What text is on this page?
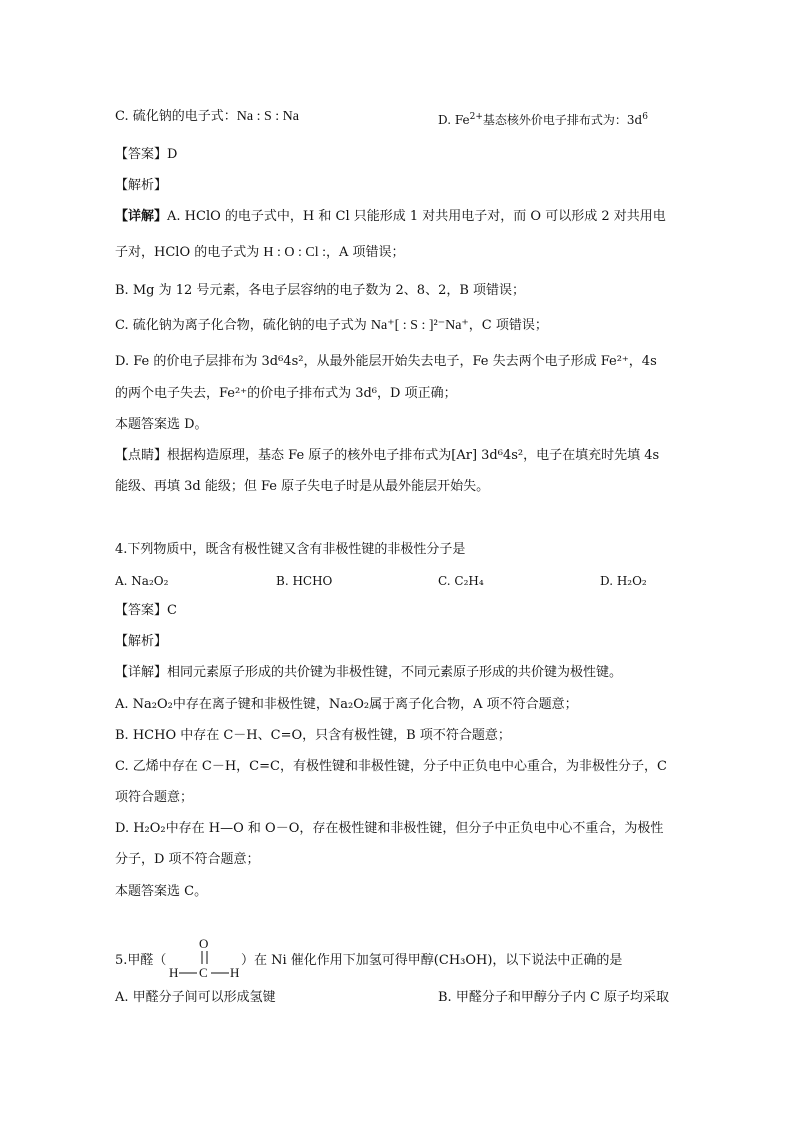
C. 硫化钠的电子式：Na : S : Na	D. $Fe^{2+}$基态核外价电子排布式为：$3d^6$
【答案】D
【解析】
【详解】A. HClO 的电子式中，H 和 Cl 只能形成 1 对共用电子对，而 O 可以形成 2 对共用电
子对，HClO 的电子式为 H : O : Cl :，A 项错误；
B. Mg 为 12 号元素，各电子层容纳的电子数为 2、8、2，B 项错误；
C. 硫化钠为离子化合物，硫化钠的电子式为 Na⁺[ : S : ]²⁻Na⁺，C 项错误；
D. Fe 的价电子层排布为 3d⁶4s²，从最外能层开始失去电子，Fe 失去两个电子形成 Fe²⁺，4s
的两个电子失去，Fe²⁺的价电子排布式为 3d⁶，D 项正确；
本题答案选 D。
【点睛】根据构造原理，基态 Fe 原子的核外电子排布式为[Ar] 3d⁶4s²，电子在填充时先填 4s
能级、再填 3d 能级；但 Fe 原子失电子时是从最外能层开始失。
4.下列物质中，既含有极性键又含有非极性键的非极性分子是
A. Na₂O₂	B. HCHO	C. C₂H₄	D. H₂O₂
【答案】C
【解析】
【详解】相同元素原子形成的共价键为非极性键，不同元素原子形成的共价键为极性键。
A. Na₂O₂中存在离子键和非极性键，Na₂O₂属于离子化合物，A 项不符合题意；
B. HCHO 中存在 C－H、C=O，只含有极性键，B 项不符合题意；
C. 乙烯中存在 C－H，C=C，有极性键和非极性键，分子中正负电中心重合，为非极性分子，C
项符合题意；
D. H₂O₂中存在 H—O 和 O－O，存在极性键和非极性键，但分子中正负电中心不重合，为极性
分子，D 项不符合题意；
本题答案选 C。
5.甲醛（
O
H C H
）在 Ni 催化作用下加氢可得甲醇(CH₃OH)，以下说法中正确的是
A. 甲醛分子间可以形成氢键	B. 甲醛分子和甲醇分子内 C 原子均采取
